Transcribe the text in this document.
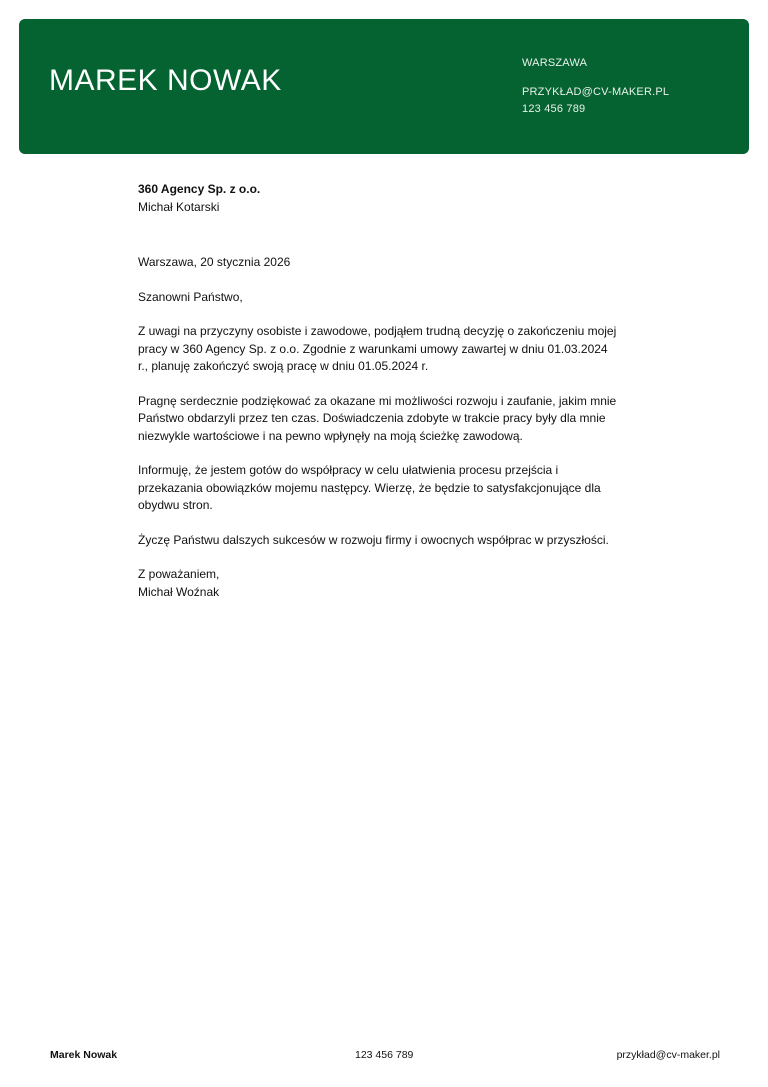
MAREK NOWAK
WARSZAWA
PRZYKŁAD@CV-MAKER.PL
123 456 789
360 Agency Sp. z o.o.
Michał Kotarski
Warszawa, 20 stycznia 2026
Szanowni Państwo,
Z uwagi na przyczyny osobiste i zawodowe, podjąłem trudną decyzję o zakończeniu mojej pracy w 360 Agency Sp. z o.o. Zgodnie z warunkami umowy zawartej w dniu 01.03.2024 r., planuję zakończyć swoją pracę w dniu 01.05.2024 r.
Pragnę serdecznie podziękować za okazane mi możliwości rozwoju i zaufanie, jakim mnie Państwo obdarzyli przez ten czas. Doświadczenia zdobyte w trakcie pracy były dla mnie niezwykle wartościowe i na pewno wpłynęły na moją ścieżkę zawodową.
Informuję, że jestem gotów do współpracy w celu ułatwienia procesu przejścia i przekazania obowiązków mojemu następcy. Wierzę, że będzie to satysfakcjonujące dla obydwu stron.
Życzę Państwu dalszych sukcesów w rozwoju firmy i owocnych współprac w przyszłości.
Z poważaniem,
Michał Woźnak
Marek Nowak	123 456 789	przykład@cv-maker.pl
